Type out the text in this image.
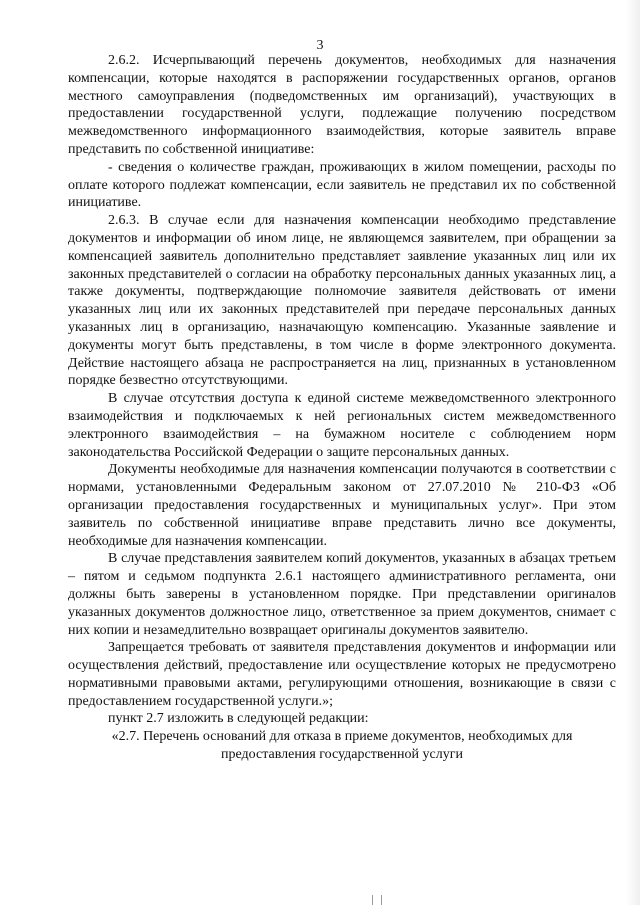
3

2.6.2. Исчерпывающий перечень документов, необходимых для назначения компенсации, которые находятся в распоряжении государственных органов, органов местного самоуправления (подведомственных им организаций), участвующих в предоставлении государственной услуги, подлежащие получению посредством межведомственного информационного взаимодействия, которые заявитель вправе представить по собственной инициативе:

- сведения о количестве граждан, проживающих в жилом помещении, расходы по оплате которого подлежат компенсации, если заявитель не представил их по собственной инициативе.

2.6.3. В случае если для назначения компенсации необходимо представление документов и информации об ином лице, не являющемся заявителем, при обращении за компенсацией заявитель дополнительно представляет заявление указанных лиц или их законных представителей о согласии на обработку персональных данных указанных лиц, а также документы, подтверждающие полномочие заявителя действовать от имени указанных лиц или их законных представителей при передаче персональных данных указанных лиц в организацию, назначающую компенсацию. Указанные заявление и документы могут быть представлены, в том числе в форме электронного документа. Действие настоящего абзаца не распространяется на лиц, признанных в установленном порядке безвестно отсутствующими.

В случае отсутствия доступа к единой системе межведомственного электронного взаимодействия и подключаемых к ней региональных систем межведомственного электронного взаимодействия – на бумажном носителе с соблюдением норм законодательства Российской Федерации о защите персональных данных.

Документы необходимые для назначения компенсации получаются в соответствии с нормами, установленными Федеральным законом от 27.07.2010 № 210-ФЗ «Об организации предоставления государственных и муниципальных услуг». При этом заявитель по собственной инициативе вправе представить лично все документы, необходимые для назначения компенсации.

В случае представления заявителем копий документов, указанных в абзацах третьем – пятом и седьмом подпункта 2.6.1 настоящего административного регламента, они должны быть заверены в установленном порядке. При представлении оригиналов указанных документов должностное лицо, ответственное за прием документов, снимает с них копии и незамедлительно возвращает оригиналы документов заявителю.

Запрещается требовать от заявителя представления документов и информации или осуществления действий, предоставление или осуществление которых не предусмотрено нормативными правовыми актами, регулирующими отношения, возникающие в связи с предоставлением государственной услуги.»;

пункт 2.7 изложить в следующей редакции:

«2.7. Перечень оснований для отказа в приеме документов, необходимых для предоставления государственной услуги
